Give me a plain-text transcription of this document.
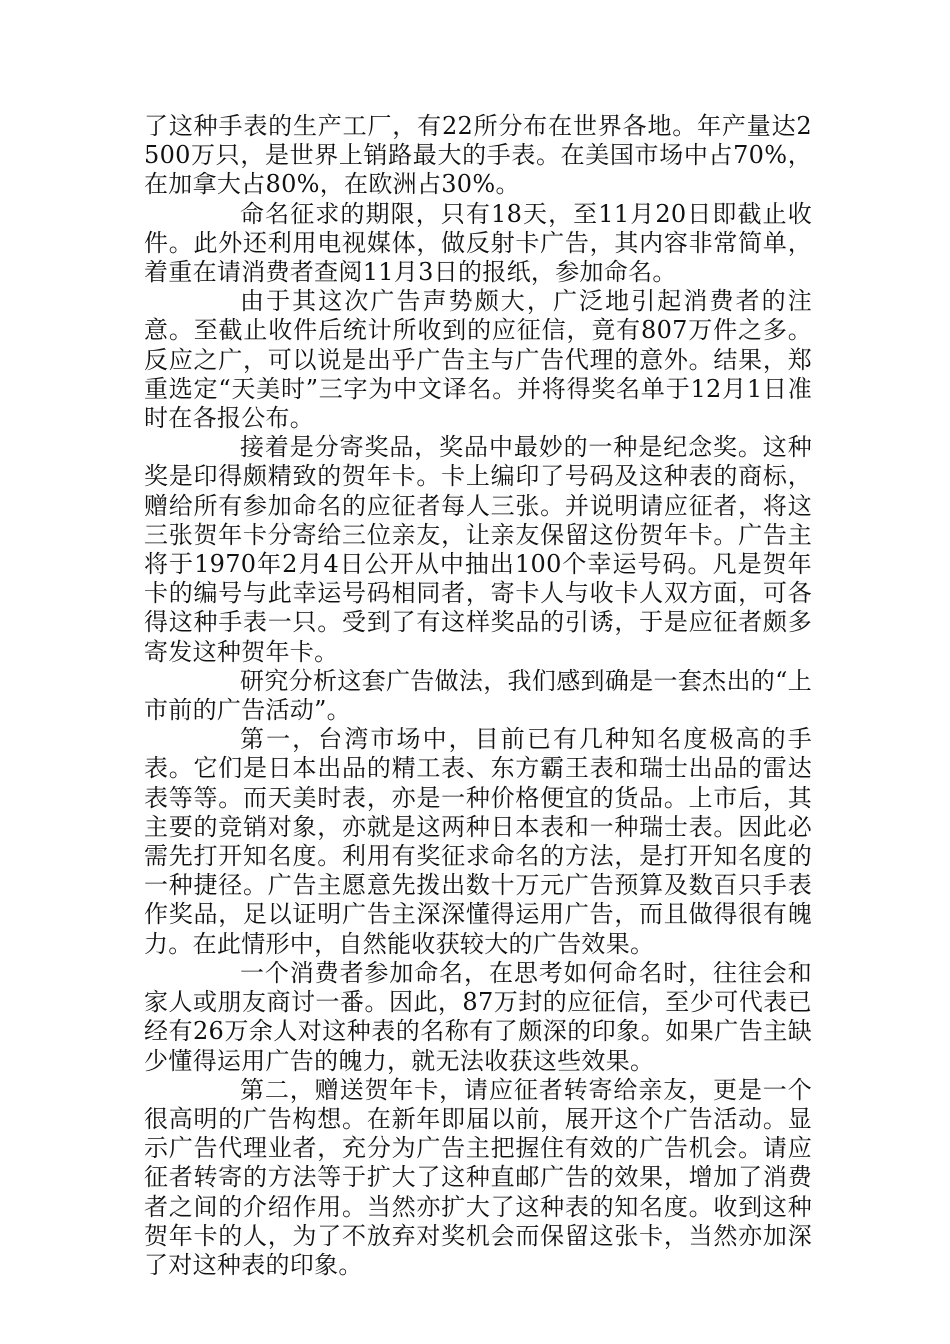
了这种手表的生产工厂，有22所分布在世界各地。年产量达2500万只，是世界上销路最大的手表。在美国市场中占70%，在加拿大占80%，在欧洲占30%。

命名征求的期限，只有18天，至11月20日即截止收件。此外还利用电视媒体，做反射卡广告，其内容非常简单，着重在请消费者查阅11月3日的报纸，参加命名。

由于其这次广告声势颇大，广泛地引起消费者的注意。至截止收件后统计所收到的应征信，竟有807万件之多。反应之广，可以说是出乎广告主与广告代理的意外。结果，郑重选定“天美时”三字为中文译名。并将得奖名单于12月1日准时在各报公布。

接着是分寄奖品，奖品中最妙的一种是纪念奖。这种奖是印得颇精致的贺年卡。卡上编印了号码及这种表的商标，赠给所有参加命名的应征者每人三张。并说明请应征者，将这三张贺年卡分寄给三位亲友，让亲友保留这份贺年卡。广告主将于1970年2月4日公开从中抽出100个幸运号码。凡是贺年卡的编号与此幸运号码相同者，寄卡人与收卡人双方面，可各得这种手表一只。受到了有这样奖品的引诱，于是应征者颇多寄发这种贺年卡。

研究分析这套广告做法，我们感到确是一套杰出的“上市前的广告活动”。

第一，台湾市场中，目前已有几种知名度极高的手表。它们是日本出品的精工表、东方霸王表和瑞士出品的雷达表等等。而天美时表，亦是一种价格便宜的货品。上市后，其主要的竞销对象，亦就是这两种日本表和一种瑞士表。因此必需先打开知名度。利用有奖征求命名的方法，是打开知名度的一种捷径。广告主愿意先拨出数十万元广告预算及数百只手表作奖品，足以证明广告主深深懂得运用广告，而且做得很有魄力。在此情形中，自然能收获较大的广告效果。

一个消费者参加命名，在思考如何命名时，往往会和家人或朋友商讨一番。因此，87万封的应征信，至少可代表已经有26万余人对这种表的名称有了颇深的印象。如果广告主缺少懂得运用广告的魄力，就无法收获这些效果。

第二，赠送贺年卡，请应征者转寄给亲友，更是一个很高明的广告构想。在新年即届以前，展开这个广告活动。显示广告代理业者，充分为广告主把握住有效的广告机会。请应征者转寄的方法等于扩大了这种直邮广告的效果，增加了消费者之间的介绍作用。当然亦扩大了这种表的知名度。收到这种贺年卡的人，为了不放弃对奖机会而保留这张卡，当然亦加深了对这种表的印象。
